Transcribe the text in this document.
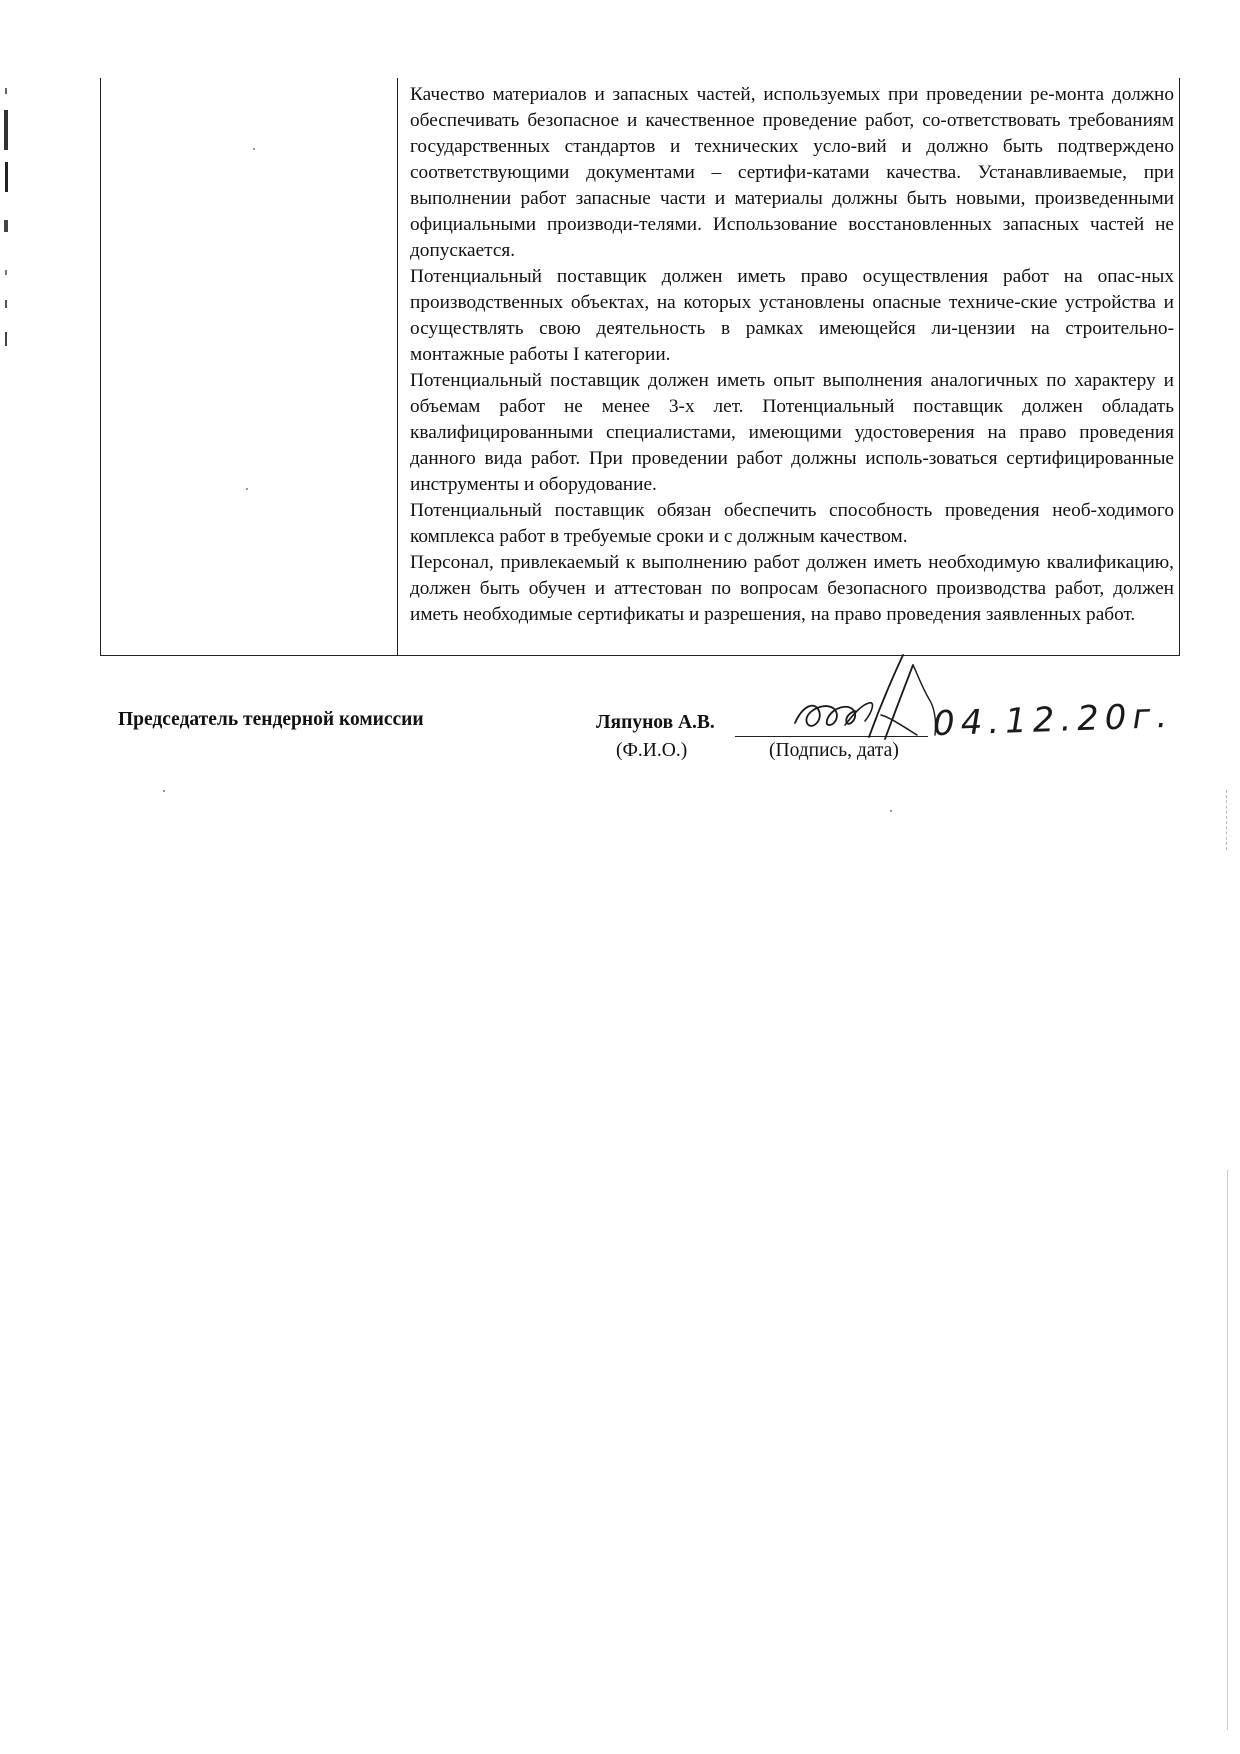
Качество материалов и запасных частей, используемых при проведении ре-монта должно обеспечивать безопасное и качественное проведение работ, со-ответствовать требованиям государственных стандартов и технических усло-вий и должно быть подтверждено соответствующими документами – сертифи-катами качества. Устанавливаемые, при выполнении работ запасные части и материалы должны быть новыми, произведенными официальными производи-телями. Использование восстановленных запасных частей не допускается.

Потенциальный поставщик должен иметь право осуществления работ на опас-ных производственных объектах, на которых установлены опасные техниче-ские устройства и осуществлять свою деятельность в рамках имеющейся ли-цензии на строительно-монтажные работы I категории.

Потенциальный поставщик должен иметь опыт выполнения аналогичных по характеру и объемам работ не менее 3-х лет. Потенциальный поставщик должен обладать квалифицированными специалистами, имеющими удостоверения на право проведения данного вида работ. При проведении работ должны исполь-зоваться сертифицированные инструменты и оборудование.

Потенциальный поставщик обязан обеспечить способность проведения необ-ходимого комплекса работ в требуемые сроки и с должным качеством.

Персонал, привлекаемый к выполнению работ должен иметь необходимую квалификацию, должен быть обучен и аттестован по вопросам безопасного производства работ, должен иметь необходимые сертификаты и разрешения, на право проведения заявленных работ.

Председатель тендерной комиссии	Ляпунов А.В.
(Ф.И.О.)	(Подпись, дата)
04.12.20г.
